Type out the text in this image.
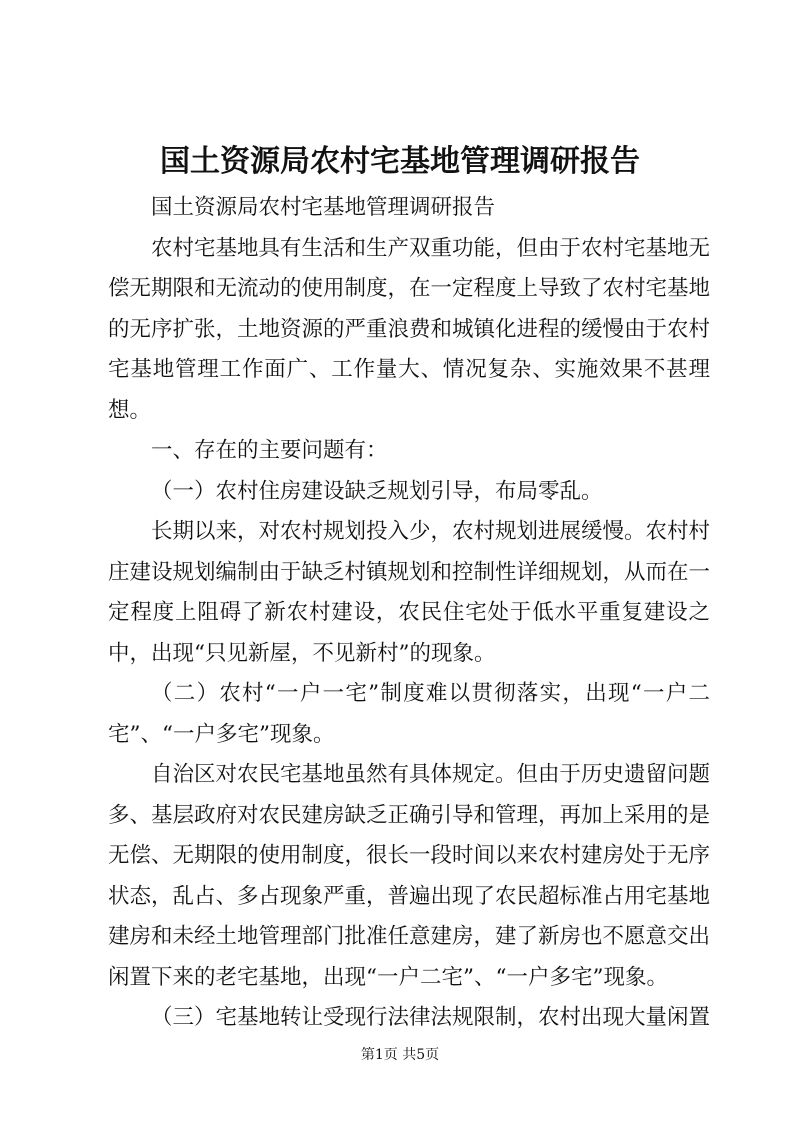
国土资源局农村宅基地管理调研报告

国土资源局农村宅基地管理调研报告

农村宅基地具有生活和生产双重功能，但由于农村宅基地无偿无期限和无流动的使用制度，在一定程度上导致了农村宅基地的无序扩张，土地资源的严重浪费和城镇化进程的缓慢由于农村宅基地管理工作面广、工作量大、情况复杂、实施效果不甚理想。

一、存在的主要问题有：

（一）农村住房建设缺乏规划引导，布局零乱。

长期以来，对农村规划投入少，农村规划进展缓慢。农村村庄建设规划编制由于缺乏村镇规划和控制性详细规划，从而在一定程度上阻碍了新农村建设，农民住宅处于低水平重复建设之中，出现“只见新屋，不见新村”的现象。

（二）农村“一户一宅”制度难以贯彻落实，出现“一户二宅”、“一户多宅”现象。

自治区对农民宅基地虽然有具体规定。但由于历史遗留问题多、基层政府对农民建房缺乏正确引导和管理，再加上采用的是无偿、无期限的使用制度，很长一段时间以来农村建房处于无序状态，乱占、多占现象严重，普遍出现了农民超标准占用宅基地建房和未经土地管理部门批准任意建房，建了新房也不愿意交出闲置下来的老宅基地，出现“一户二宅”、“一户多宅”现象。

（三）宅基地转让受现行法律法规限制，农村出现大量闲置

第1页 共5页
